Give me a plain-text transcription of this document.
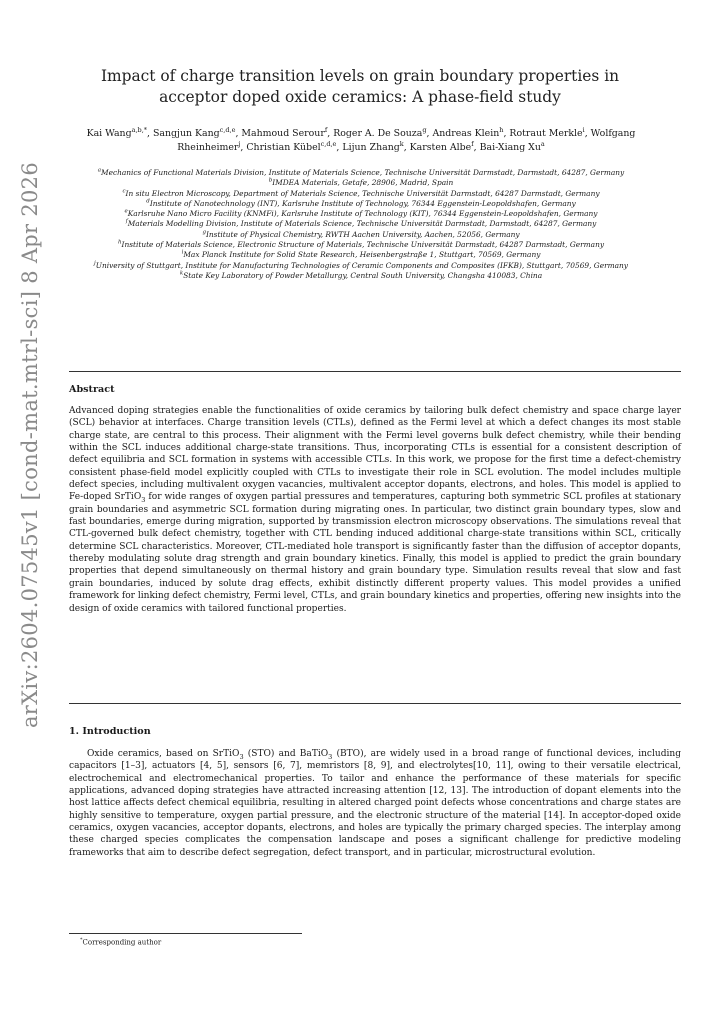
arXiv:2604.07545v1 [cond-mat.mtrl-sci] 8 Apr 2026
Impact of charge transition levels on grain boundary properties in acceptor doped oxide ceramics: A phase-field study
Kai Wang$^{a,b,*}$, Sangjun Kang$^{c,d,e}$, Mahmoud Serour$^f$, Roger A. De Souza$^g$, Andreas Klein$^h$, Rotraut Merkle$^i$, Wolfgang Rheinheimer$^j$, Christian Kübel$^{c,d,e}$, Lijun Zhang$^k$, Karsten Albe$^f$, Bai-Xiang Xu$^a$
$^a$Mechanics of Functional Materials Division, Institute of Materials Science, Technische Universität Darmstadt, Darmstadt, 64287, Germany
$^b$IMDEA Materials, Getafe, 28906, Madrid, Spain
$^c$In situ Electron Microscopy, Department of Materials Science, Technische Universität Darmstadt, 64287 Darmstadt, Germany
$^d$Institute of Nanotechnology (INT), Karlsruhe Institute of Technology, 76344 Eggenstein-Leopoldshafen, Germany
$^e$Karlsruhe Nano Micro Facility (KNMFi), Karlsruhe Institute of Technology (KIT), 76344 Eggenstein-Leopoldshafen, Germany
$^f$Materials Modelling Division, Institute of Materials Science, Technische Universität Darmstadt, Darmstadt, 64287, Germany
$^g$Institute of Physical Chemistry, RWTH Aachen University, Aachen, 52056, Germany
$^h$Institute of Materials Science, Electronic Structure of Materials, Technische Universität Darmstadt, 64287 Darmstadt, Germany
$^i$Max Planck Institute for Solid State Research, Heisenbergstraße 1, Stuttgart, 70569, Germany
$^j$University of Stuttgart, Institute for Manufacturing Technologies of Ceramic Components and Composites (IFKB), Stuttgart, 70569, Germany
$^k$State Key Laboratory of Powder Metallurgy, Central South University, Changsha 410083, China
Abstract
Advanced doping strategies enable the functionalities of oxide ceramics by tailoring bulk defect chemistry and space charge layer (SCL) behavior at interfaces. Charge transition levels (CTLs), defined as the Fermi level at which a defect changes its most stable charge state, are central to this process. Their alignment with the Fermi level governs bulk defect chemistry, while their bending within the SCL induces additional charge-state transitions. Thus, incorporating CTLs is essential for a consistent description of defect equilibria and SCL formation in systems with accessible CTLs. In this work, we propose for the first time a defect-chemistry consistent phase-field model explicitly coupled with CTLs to investigate their role in SCL evolution. The model includes multiple defect species, including multivalent oxygen vacancies, multivalent acceptor dopants, electrons, and holes. This model is applied to Fe-doped SrTiO$_3$ for wide ranges of oxygen partial pressures and temperatures, capturing both symmetric SCL profiles at stationary grain boundaries and asymmetric SCL formation during migrating ones. In particular, two distinct grain boundary types, slow and fast boundaries, emerge during migration, supported by transmission electron microscopy observations. The simulations reveal that CTL-governed bulk defect chemistry, together with CTL bending induced additional charge-state transitions within SCL, critically determine SCL characteristics. Moreover, CTL-mediated hole transport is significantly faster than the diffusion of acceptor dopants, thereby modulating solute drag strength and grain boundary kinetics. Finally, this model is applied to predict the grain boundary properties that depend simultaneously on thermal history and grain boundary type. Simulation results reveal that slow and fast grain boundaries, induced by solute drag effects, exhibit distinctly different property values. This model provides a unified framework for linking defect chemistry, Fermi level, CTLs, and grain boundary kinetics and properties, offering new insights into the design of oxide ceramics with tailored functional properties.
1. Introduction
Oxide ceramics, based on SrTiO$_3$ (STO) and BaTiO$_3$ (BTO), are widely used in a broad range of functional devices, including capacitors [1–3], actuators [4, 5], sensors [6, 7], memristors [8, 9], and electrolytes[10, 11], owing to their versatile electrical, electrochemical and electromechanical properties. To tailor and enhance the performance of these materials for specific applications, advanced doping strategies have attracted increasing attention [12, 13]. The introduction of dopant elements into the host lattice affects defect chemical equilibria, resulting in altered charged point defects whose concentrations and charge states are highly sensitive to temperature, oxygen partial pressure, and the electronic structure of the material [14]. In acceptor-doped oxide ceramics, oxygen vacancies, acceptor dopants, electrons, and holes are typically the primary charged species. The interplay among these charged species complicates the compensation landscape and poses a significant challenge for predictive modeling frameworks that aim to describe defect segregation, defect transport, and in particular, microstructural evolution.
*Corresponding author
